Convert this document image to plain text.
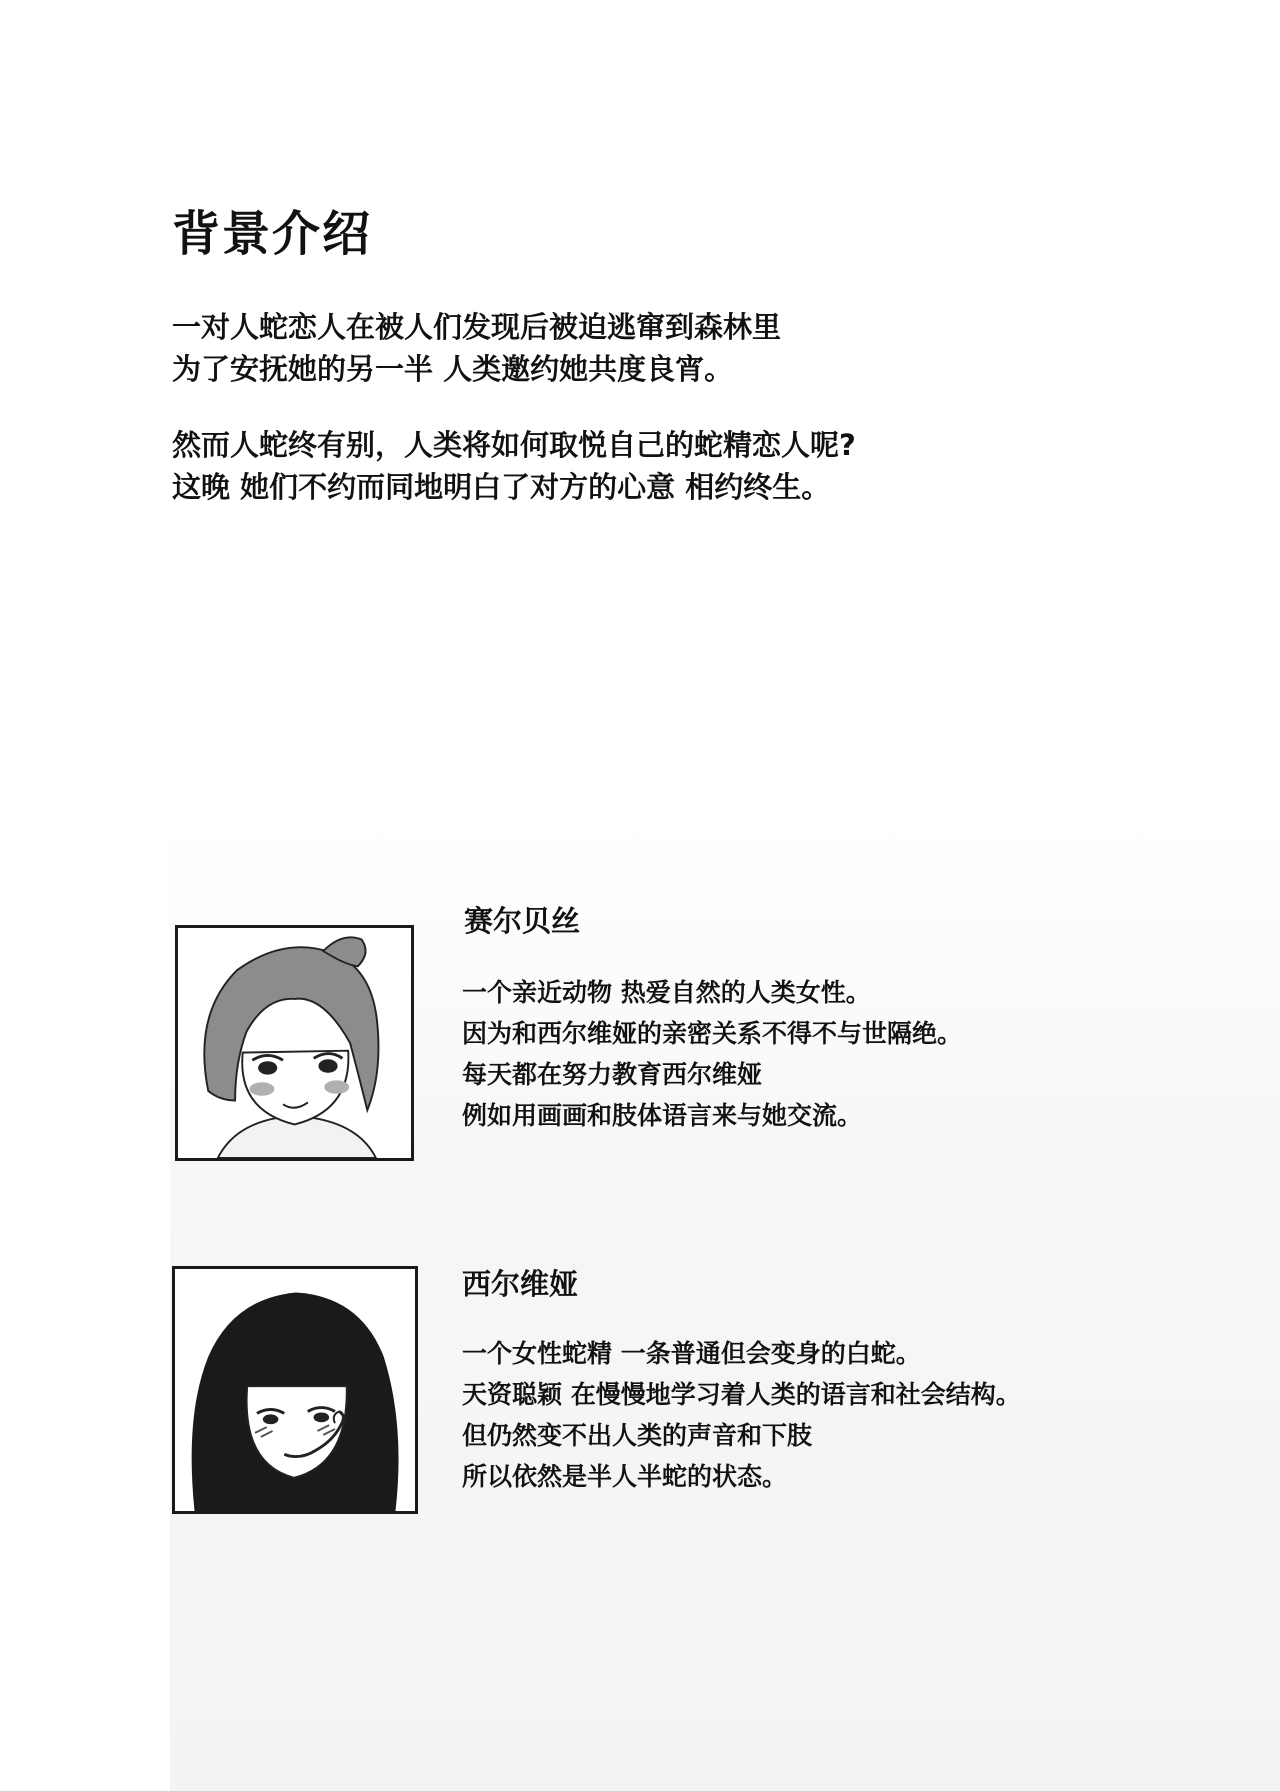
背景介绍

一对人蛇恋人在被人们发现后被迫逃窜到森林里

为了安抚她的另一半 人类邀约她共度良宵。

然而人蛇终有别，人类将如何取悦自己的蛇精恋人呢?

这晚 她们不约而同地明白了对方的心意 相约终生。

赛尔贝丝

一个亲近动物 热爱自然的人类女性。

因为和西尔维娅的亲密关系不得不与世隔绝。

每天都在努力教育西尔维娅

例如用画画和肢体语言来与她交流。

西尔维娅

一个女性蛇精 一条普通但会变身的白蛇。

天资聪颖 在慢慢地学习着人类的语言和社会结构。

但仍然变不出人类的声音和下肢

所以依然是半人半蛇的状态。
